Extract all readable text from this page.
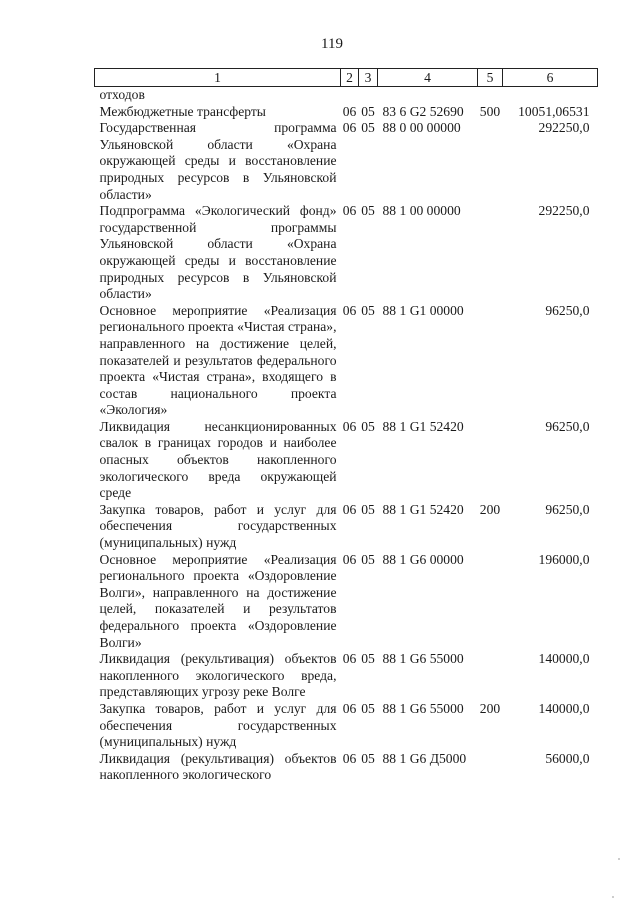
119
1	2	3	4	5	6
отходов					
Межбюджетные трансферты	06	05	83 6 G2 52690	500	10051,06531
Государственная программа Ульяновской области «Охрана окружающей среды и восстановление природных ресурсов в Ульяновской области»	06	05	88 0 00 00000		292250,0
Подпрограмма «Экологический фонд» государственной программы Ульяновской области «Охрана окружающей среды и восстановление природных ресурсов в Ульяновской области»	06	05	88 1 00 00000		292250,0
Основное мероприятие «Реализация регионального проекта «Чистая страна», направленного на достижение целей, показателей и результатов федерального проекта «Чистая страна», входящего в состав национального проекта «Экология»	06	05	88 1 G1 00000		96250,0
Ликвидация несанкционированных свалок в границах городов и наиболее опасных объектов накопленного экологического вреда окружающей среде	06	05	88 1 G1 52420		96250,0
Закупка товаров, работ и услуг для обеспечения государственных (муниципальных) нужд	06	05	88 1 G1 52420	200	96250,0
Основное мероприятие «Реализация регионального проекта «Оздоровление Волги», направленного на достижение целей, показателей и результатов федерального проекта «Оздоровление Волги»	06	05	88 1 G6 00000		196000,0
Ликвидация (рекультивация) объектов накопленного экологического вреда, представляющих угрозу реке Волге	06	05	88 1 G6 55000		140000,0
Закупка товаров, работ и услуг для обеспечения государственных (муниципальных) нужд	06	05	88 1 G6 55000	200	140000,0
Ликвидация (рекультивация) объектов накопленного экологического	06	05	88 1 G6 Д5000		56000,0
